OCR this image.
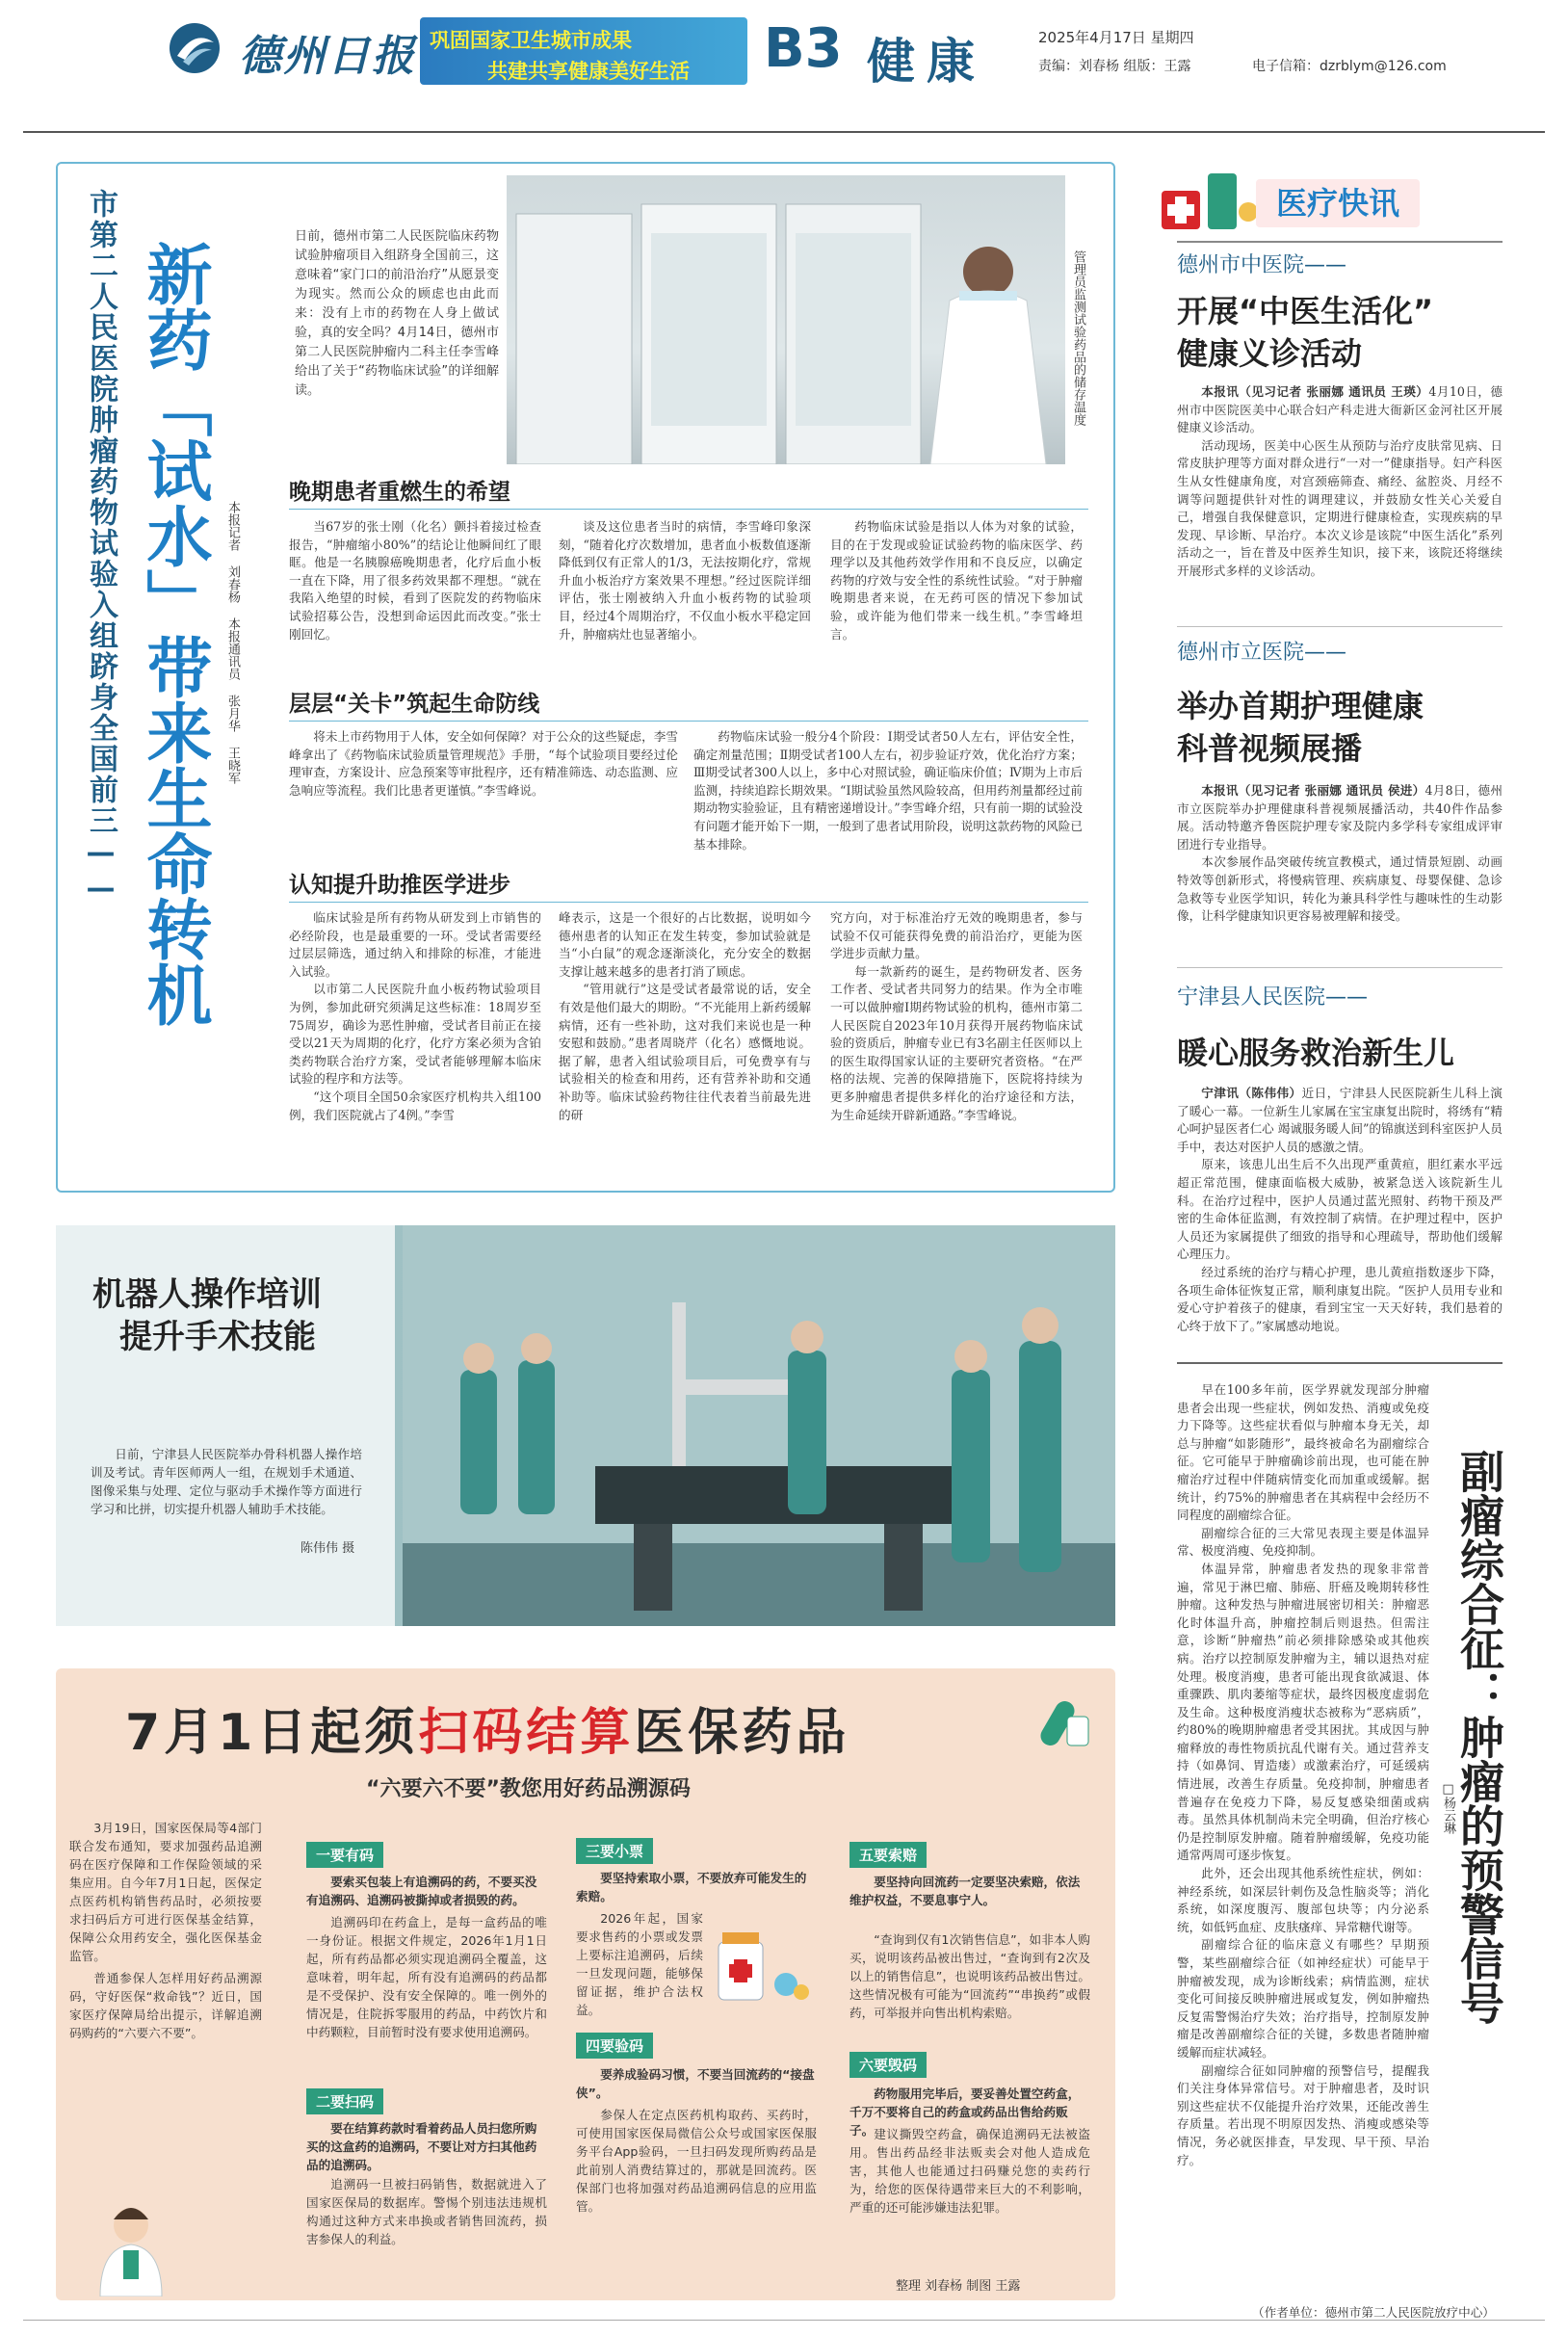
德州日报 巩固国家卫生城市成果
共建共享健康美好生活 B3 健康	2025年4月17日 星期四
责编：刘春杨 组版：王露	电子信箱：dzrblym@126.com
市第二人民医院肿瘤药物试验入组跻身全国前三—— 新药「试水」带来生命转机 本报记者 刘春杨 本报通讯员 张月华 王晓军

日前，德州市第二人民医院临床药物试验肿瘤项目入组跻身全国前三，这意味着“家门口的前沿治疗”从愿景变为现实。然而公众的顾虑也由此而来：没有上市的药物在人身上做试验，真的安全吗？4月14日，德州市第二人民医院肿瘤内二科主任李雪峰给出了关于“药物临床试验”的详细解读。	管理员监测试验药品的储存温度
晚期患者重燃生的希望

当67岁的张士刚（化名）颤抖着接过检查报告，“肿瘤缩小80%”的结论让他瞬间红了眼眶。他是一名胰腺癌晚期患者，化疗后血小板一直在下降，用了很多药效果都不理想。“就在我陷入绝望的时候，看到了医院发的药物临床试验招募公告，没想到命运因此而改变。”张士刚回忆。

谈及这位患者当时的病情，李雪峰印象深刻，“随着化疗次数增加，患者血小板数值逐渐降低到仅有正常人的1/3，无法按期化疗，常规升血小板治疗方案效果不理想。”经过医院详细评估，张士刚被纳入升血小板药物的试验项目，经过4个周期治疗，不仅血小板水平稳定回升，肿瘤病灶也显著缩小。

药物临床试验是指以人体为对象的试验，目的在于发现或验证试验药物的临床医学、药理学以及其他药效学作用和不良反应，以确定药物的疗效与安全性的系统性试验。“对于肿瘤晚期患者来说，在无药可医的情况下参加试验，或许能为他们带来一线生机。”李雪峰坦言。

层层“关卡”筑起生命防线

将未上市药物用于人体，安全如何保障？对于公众的这些疑虑，李雪峰拿出了《药物临床试验质量管理规范》手册，“每个试验项目要经过伦理审查，方案设计、应急预案等审批程序，还有精准筛选、动态监测、应急响应等流程。我们比患者更谨慎。”李雪峰说。

药物临床试验一般分4个阶段：Ⅰ期受试者50人左右，评估安全性，确定剂量范围；Ⅱ期受试者100人左右，初步验证疗效，优化治疗方案；Ⅲ期受试者300人以上，多中心对照试验，确证临床价值；Ⅳ期为上市后监测，持续追踪长期效果。“Ⅰ期试验虽然风险较高，但用药剂量都经过前期动物实验验证，且有精密递增设计。”李雪峰介绍，只有前一期的试验没有问题才能开始下一期，一般到了患者试用阶段，说明这款药物的风险已基本排除。

认知提升助推医学进步

临床试验是所有药物从研发到上市销售的必经阶段，也是最重要的一环。受试者需要经过层层筛选，通过纳入和排除的标准，才能进入试验。
以市第二人民医院升血小板药物试验项目为例，参加此研究须满足这些标准：18周岁至75周岁，确诊为恶性肿瘤，受试者目前正在接受以21天为周期的化疗，化疗方案必须为含铂类药物联合治疗方案，受试者能够理解本临床试验的程序和方法等。
“这个项目全国50余家医疗机构共入组100例，我们医院就占了4例。”李雪

峰表示，这是一个很好的占比数据，说明如今德州患者的认知正在发生转变，参加试验就是当“小白鼠”的观念逐渐淡化，充分安全的数据支撑让越来越多的患者打消了顾虑。
“管用就行”这是受试者最常说的话，安全有效是他们最大的期盼。“不光能用上新药缓解病情，还有一些补助，这对我们来说也是一种安慰和鼓励。”患者周晓芹（化名）感慨地说。据了解，患者入组试验项目后，可免费享有与试验相关的检查和用药，还有营养补助和交通补助等。临床试验药物往往代表着当前最先进的研

究方向，对于标准治疗无效的晚期患者，参与试验不仅可能获得免费的前沿治疗，更能为医学进步贡献力量。
每一款新药的诞生，是药物研发者、医务工作者、受试者共同努力的结果。作为全市唯一可以做肿瘤Ⅰ期药物试验的机构，德州市第二人民医院自2023年10月获得开展药物临床试验的资质后，肿瘤专业已有3名副主任医师以上的医生取得国家认证的主要研究者资格。“在严格的法规、完善的保障措施下，医院将持续为更多肿瘤患者提供多样化的治疗途径和方法，为生命延续开辟新通路。”李雪峰说。

机器人操作培训
提升手术技能

日前，宁津县人民医院举办骨科机器人操作培训及考试。青年医师两人一组，在规划手术通道、图像采集与处理、定位与驱动手术操作等方面进行学习和比拼，切实提升机器人辅助手术技能。

陈伟伟 摄
7月1日起须扫码结算医保药品
“六要六不要”教您用好药品溯源码

3月19日，国家医保局等4部门联合发布通知，要求加强药品追溯码在医疗保障和工作保险领域的采集应用。自今年7月1日起，医保定点医药机构销售药品时，必须按要求扫码后方可进行医保基金结算，保障公众用药安全，强化医保基金监管。

普通参保人怎样用好药品溯源码，守好医保“救命钱”？近日，国家医疗保障局给出提示，详解追溯码购药的“六要六不要”。

一要有码

要索买包装上有追溯码的药，不要买没有追溯码、追溯码被撕掉或者损毁的药。

追溯码印在药盒上，是每一盒药品的唯一身份证。根据文件规定，2026年1月1日起，所有药品都必须实现追溯码全覆盖，这意味着，明年起，所有没有追溯码的药品都是不受保护、没有安全保障的。唯一例外的情况是，住院拆零服用的药品，中药饮片和中药颗粒，目前暂时没有要求使用追溯码。

二要扫码

要在结算药款时看着药品人员扫您所购买的这盒药的追溯码，不要让对方扫其他药品的追溯码。

追溯码一旦被扫码销售，数据就进入了国家医保局的数据库。警惕个别违法违规机构通过这种方式来串换或者销售回流药，损害参保人的利益。

三要小票

要坚持索取小票，不要放弃可能发生的索赔。

2026年起，国家要求售药的小票或发票上要标注追溯码，后续一旦发现问题，能够保留证据，维护合法权益。

四要验码

要养成验码习惯，不要当回流药的“接盘侠”。

参保人在定点医药机构取药、买药时，可使用国家医保局微信公众号或国家医保服务平台App验码，一旦扫码发现所购药品是此前别人消费结算过的，那就是回流药。医保部门也将加强对药品追溯码信息的应用监管。

五要索赔

要坚持向回流药一定要坚决索赔，依法维护权益，不要息事宁人。

“查询到仅有1次销售信息”，如非本人购买，说明该药品被出售过，“查询到有2次及以上的销售信息”，也说明该药品被出售过。这些情况极有可能为“回流药”“串换药”或假药，可举报并向售出机构索赔。

六要毁码

药物服用完毕后，要妥善处置空药盒，千万不要将自己的药盒或药品出售给药贩子。 建议撕毁空药盒，确保追溯码无法被盗用。售出药品经非法贩卖会对他人造成危害，其他人也能通过扫码赚兑您的卖药行为，给您的医保待遇带来巨大的不利影响，严重的还可能涉嫌违法犯罪。

整理 刘春杨 制图 王露
医疗快讯
德州市中医院——
开展“中医生活化”
健康义诊活动

本报讯（见习记者 张丽娜 通讯员 王瑛）4月10日，德州市中医院医美中心联合妇产科走进大衙新区金河社区开展健康义诊活动。

活动现场，医美中心医生从预防与治疗皮肤常见病、日常皮肤护理等方面对群众进行“一对一”健康指导。妇产科医生从女性健康角度，对宫颈癌筛查、痛经、盆腔炎、月经不调等问题提供针对性的调理建议，并鼓励女性关心关爱自己，增强自我保健意识，定期进行健康检查，实现疾病的早发现、早诊断、早治疗。本次义诊是该院“中医生活化”系列活动之一，旨在普及中医养生知识，接下来，该院还将继续开展形式多样的义诊活动。

德州市立医院——
举办首期护理健康
科普视频展播

本报讯（见习记者 张丽娜 通讯员 侯进）4月8日，德州市立医院举办护理健康科普视频展播活动，共40件作品参展。活动特邀齐鲁医院护理专家及院内多学科专家组成评审团进行专业指导。

本次参展作品突破传统宣教模式，通过情景短剧、动画特效等创新形式，将慢病管理、疾病康复、母婴保健、急诊急救等专业医学知识，转化为兼具科学性与趣味性的生动影像，让科学健康知识更容易被理解和接受。

宁津县人民医院——
暖心服务救治新生儿

宁津讯（陈伟伟）近日，宁津县人民医院新生儿科上演了暖心一幕。一位新生儿家属在宝宝康复出院时，将绣有“精心呵护显医者仁心 竭诚服务暖人间”的锦旗送到科室医护人员手中，表达对医护人员的感激之情。

原来，该患儿出生后不久出现严重黄疸，胆红素水平远超正常范围，健康面临极大威胁，被紧急送入该院新生儿科。在治疗过程中，医护人员通过蓝光照射、药物干预及严密的生命体征监测，有效控制了病情。在护理过程中，医护人员还为家属提供了细致的指导和心理疏导，帮助他们缓解心理压力。

经过系统的治疗与精心护理，患儿黄疸指数逐步下降，各项生命体征恢复正常，顺利康复出院。“医护人员用专业和爱心守护着孩子的健康，看到宝宝一天天好转，我们悬着的心终于放下了。”家属感动地说。

早在100多年前，医学界就发现部分肿瘤患者会出现一些症状，例如发热、消瘦或免疫力下降等。这些症状看似与肿瘤本身无关，却总与肿瘤“如影随形”，最终被命名为副瘤综合征。它可能早于肿瘤确诊前出现，也可能在肿瘤治疗过程中伴随病情变化而加重或缓解。据统计，约75%的肿瘤患者在其病程中会经历不同程度的副瘤综合征。

副瘤综合征的三大常见表现主要是体温异常、极度消瘦、免疫抑制。

体温异常，肿瘤患者发热的现象非常普遍，常见于淋巴瘤、肺癌、肝癌及晚期转移性肿瘤。这种发热与肿瘤进展密切相关：肿瘤恶化时体温升高，肿瘤控制后则退热。但需注意，诊断“肿瘤热”前必须排除感染或其他疾病。治疗以控制原发肿瘤为主，辅以退热对症处理。极度消瘦，患者可能出现食欲减退、体重骤跌、肌肉萎缩等症状，最终因极度虚弱危及生命。这种极度消瘦状态被称为“恶病质”，约80%的晚期肿瘤患者受其困扰。其成因与肿瘤释放的毒性物质抗乱代谢有关。通过营养支持（如鼻饲、胃造瘘）或激素治疗，可延缓病情进展，改善生存质量。免疫抑制，肿瘤患者普遍存在免疫力下降，易反复感染细菌或病毒。虽然具体机制尚未完全明确，但治疗核心仍是控制原发肿瘤。随着肿瘤缓解，免疫功能通常两周可逐步恢复。

此外，还会出现其他系统性症状，例如：神经系统，如深层针刺伤及急性脑炎等；消化系统，如深度腹泻、腹部包块等；内分泌系统，如低钙血症、皮肤瘙痒、异常糖代谢等。

副瘤综合征的临床意义有哪些？早期预警，某些副瘤综合征（如神经症状）可能早于肿瘤被发现，成为诊断线索；病情监测，症状变化可间接反映肿瘤进展或复发，例如肿瘤热反复需警惕治疗失效；治疗指导，控制原发肿瘤是改善副瘤综合征的关键，多数患者随肿瘤缓解而症状减轻。

副瘤综合征如同肿瘤的预警信号，提醒我们关注身体异常信号。对于肿瘤患者，及时识别这些症状不仅能提升治疗效果，还能改善生存质量。若出现不明原因发热、消瘦或感染等情况，务必就医排查，早发现、早干预、早治疗。

副瘤综合征：肿瘤的预警信号
□杨云琳
（作者单位：德州市第二人民医院放疗中心）
